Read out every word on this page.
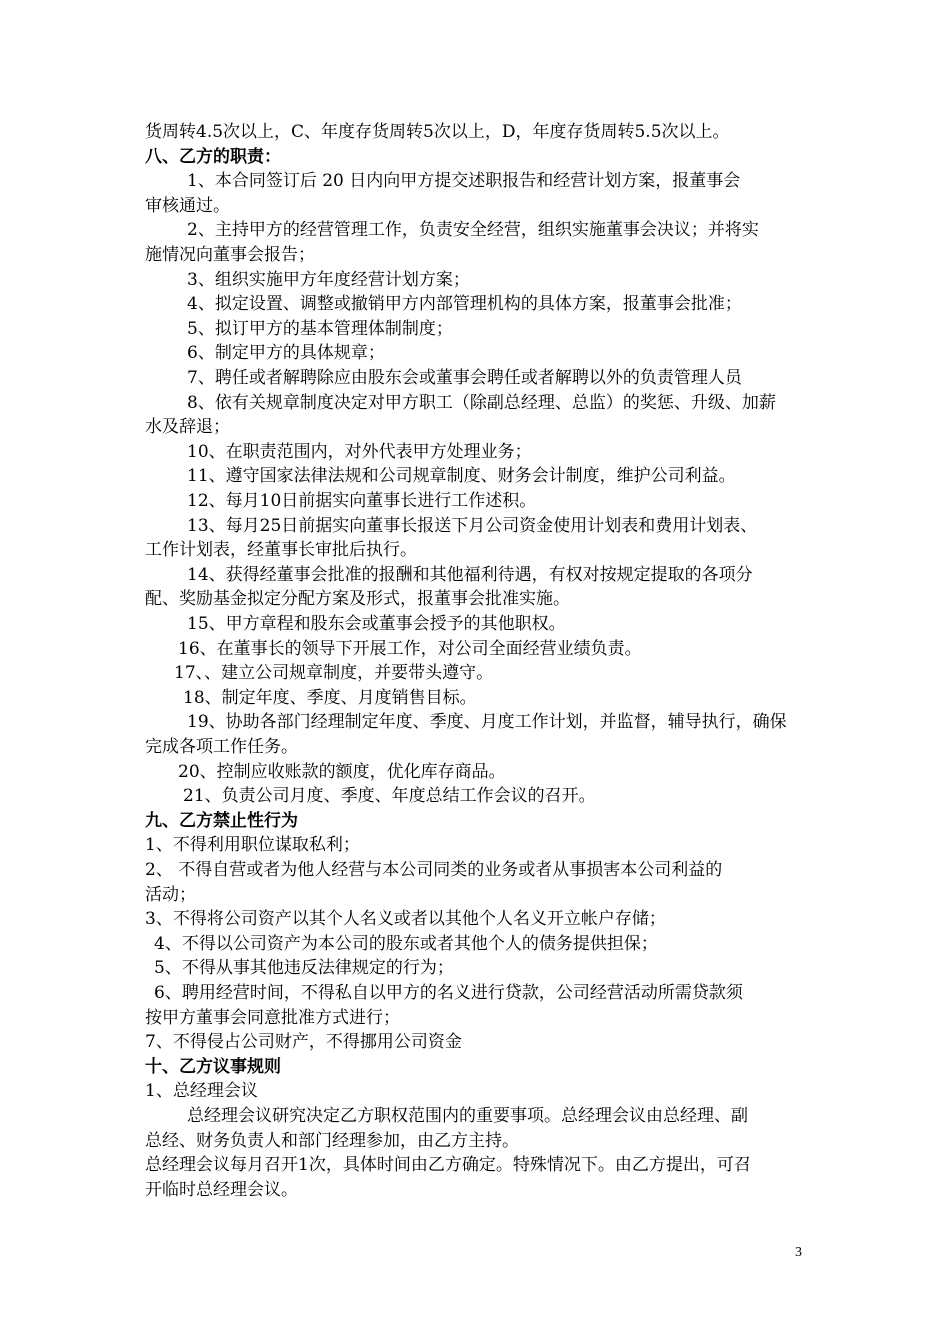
货周转4.5次以上，C、年度存货周转5次以上，D，年度存货周转5.5次以上。
八、乙方的职责：
1、本合同签订后 20 日内向甲方提交述职报告和经营计划方案，报董事会
审核通过。
2、主持甲方的经营管理工作，负责安全经营，组织实施董事会决议；并将实
施情况向董事会报告；
3、组织实施甲方年度经营计划方案；
4、拟定设置、调整或撤销甲方内部管理机构的具体方案，报董事会批准；
5、拟订甲方的基本管理体制制度；
6、制定甲方的具体规章；
7、聘任或者解聘除应由股东会或董事会聘任或者解聘以外的负责管理人员
8、依有关规章制度决定对甲方职工（除副总经理、总监）的奖惩、升级、加薪
水及辞退；
10、在职责范围内，对外代表甲方处理业务；
11、遵守国家法律法规和公司规章制度、财务会计制度，维护公司利益。
12、每月10日前据实向董事长进行工作述积。
13、每月25日前据实向董事长报送下月公司资金使用计划表和费用计划表、
工作计划表，经董事长审批后执行。
14、获得经董事会批准的报酬和其他福利待遇，有权对按规定提取的各项分
配、奖励基金拟定分配方案及形式，报董事会批准实施。
15、甲方章程和股东会或董事会授予的其他职权。
16、在董事长的领导下开展工作，对公司全面经营业绩负责。
17、、建立公司规章制度，并要带头遵守。
18、制定年度、季度、月度销售目标。
19、协助各部门经理制定年度、季度、月度工作计划，并监督，辅导执行，确保
完成各项工作任务。
20、控制应收账款的额度，优化库存商品。
21、负责公司月度、季度、年度总结工作会议的召开。
九、乙方禁止性行为
1、不得利用职位谋取私利；
2、 不得自营或者为他人经营与本公司同类的业务或者从事损害本公司利益的
活动；
3、不得将公司资产以其个人名义或者以其他个人名义开立帐户存储；
4、不得以公司资产为本公司的股东或者其他个人的债务提供担保；
5、不得从事其他违反法律规定的行为；
6、聘用经营时间，不得私自以甲方的名义进行贷款，公司经营活动所需贷款须
按甲方董事会同意批准方式进行；
7、不得侵占公司财产，不得挪用公司资金
十、乙方议事规则
1、总经理会议
总经理会议研究决定乙方职权范围内的重要事项。总经理会议由总经理、副
总经、财务负责人和部门经理参加，由乙方主持。
总经理会议每月召开1次，具体时间由乙方确定。特殊情况下。由乙方提出，可召
开临时总经理会议。
3
